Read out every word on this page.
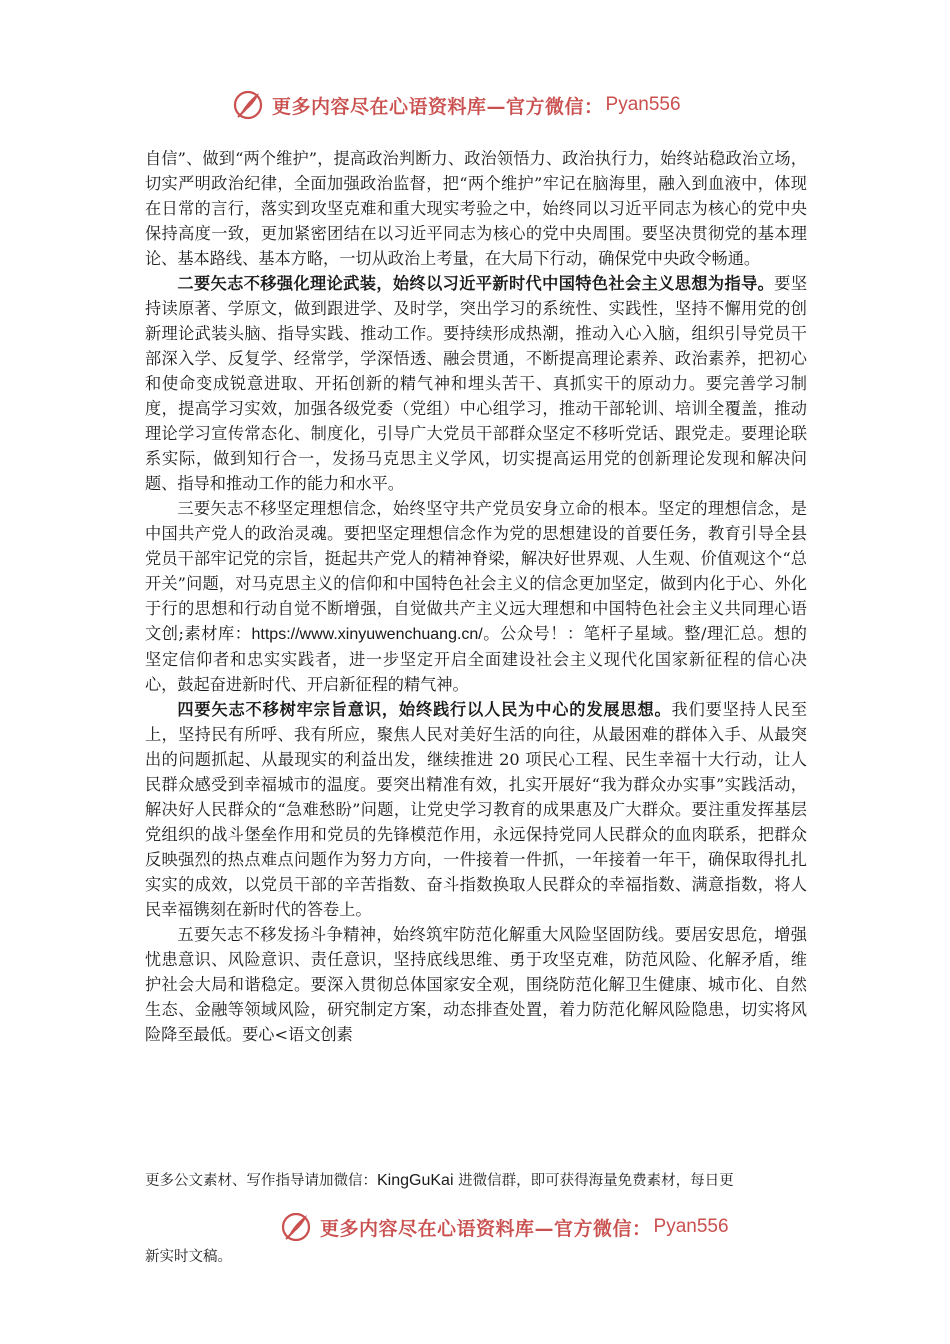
更多内容尽在心语资料库—官方微信： Pyan556

自信”、做到“两个维护”，提高政治判断力、政治领悟力、政治执行力，始终站稳政治立场，切实严明政治纪律，全面加强政治监督，把“两个维护”牢记在脑海里，融入到血液中，体现在日常的言行，落实到攻坚克难和重大现实考验之中，始终同以习近平同志为核心的党中央保持高度一致，更加紧密团结在以习近平同志为核心的党中央周围。要坚决贯彻党的基本理论、基本路线、基本方略，一切从政治上考量，在大局下行动，确保党中央政令畅通。

二要矢志不移强化理论武装，始终以习近平新时代中国特色社会主义思想为指导。要坚持读原著、学原文，做到跟进学、及时学，突出学习的系统性、实践性，坚持不懈用党的创新理论武装头脑、指导实践、推动工作。要持续形成热潮，推动入心入脑，组织引导党员干部深入学、反复学、经常学，学深悟透、融会贯通，不断提高理论素养、政治素养，把初心和使命变成锐意进取、开拓创新的精气神和埋头苦干、真抓实干的原动力。要完善学习制度，提高学习实效，加强各级党委（党组）中心组学习，推动干部轮训、培训全覆盖，推动理论学习宣传常态化、制度化，引导广大党员干部群众坚定不移听党话、跟党走。要理论联系实际，做到知行合一，发扬马克思主义学风，切实提高运用党的创新理论发现和解决问题、指导和推动工作的能力和水平。

三要矢志不移坚定理想信念，始终坚守共产党员安身立命的根本。坚定的理想信念，是中国共产党人的政治灵魂。要把坚定理想信念作为党的思想建设的首要任务，教育引导全县党员干部牢记党的宗旨，挺起共产党人的精神脊梁，解决好世界观、人生观、价值观这个“总开关”问题，对马克思主义的信仰和中国特色社会主义的信念更加坚定，做到内化于心、外化于行的思想和行动自觉不断增强，自觉做共产主义远大理想和中国特色社会主义共同理心语文创;素材库：https://www.xinyuwenchuang.cn/。公众号！：笔杆子星域。整/理汇总。想的坚定信仰者和忠实实践者，进一步坚定开启全面建设社会主义现代化国家新征程的信心决心，鼓起奋进新时代、开启新征程的精气神。

四要矢志不移树牢宗旨意识，始终践行以人民为中心的发展思想。我们要坚持人民至上，坚持民有所呼、我有所应，聚焦人民对美好生活的向往，从最困难的群体入手、从最突出的问题抓起、从最现实的利益出发，继续推进 20 项民心工程、民生幸福十大行动，让人民群众感受到幸福城市的温度。要突出精准有效，扎实开展好“我为群众办实事”实践活动，解决好人民群众的“急难愁盼”问题，让党史学习教育的成果惠及广大群众。要注重发挥基层党组织的战斗堡垒作用和党员的先锋模范作用，永远保持党同人民群众的血肉联系，把群众反映强烈的热点难点问题作为努力方向，一件接着一件抓，一年接着一年干，确保取得扎扎实实的成效，以党员干部的辛苦指数、奋斗指数换取人民群众的幸福指数、满意指数，将人民幸福镌刻在新时代的答卷上。

五要矢志不移发扬斗争精神，始终筑牢防范化解重大风险坚固防线。要居安思危，增强忧患意识、风险意识、责任意识，坚持底线思维、勇于攻坚克难，防范风险、化解矛盾，维护社会大局和谐稳定。要深入贯彻总体国家安全观，围绕防范化解卫生健康、城市化、自然生态、金融等领域风险，研究制定方案，动态排查处置，着力防范化解风险隐患，切实将风险降至最低。要心<语文创素

更多公文素材、写作指导请加微信：KingGuKai 进微信群，即可获得海量免费素材，每日更
更多内容尽在心语资料库—官方微信： Pyan556
新实时文稿。
